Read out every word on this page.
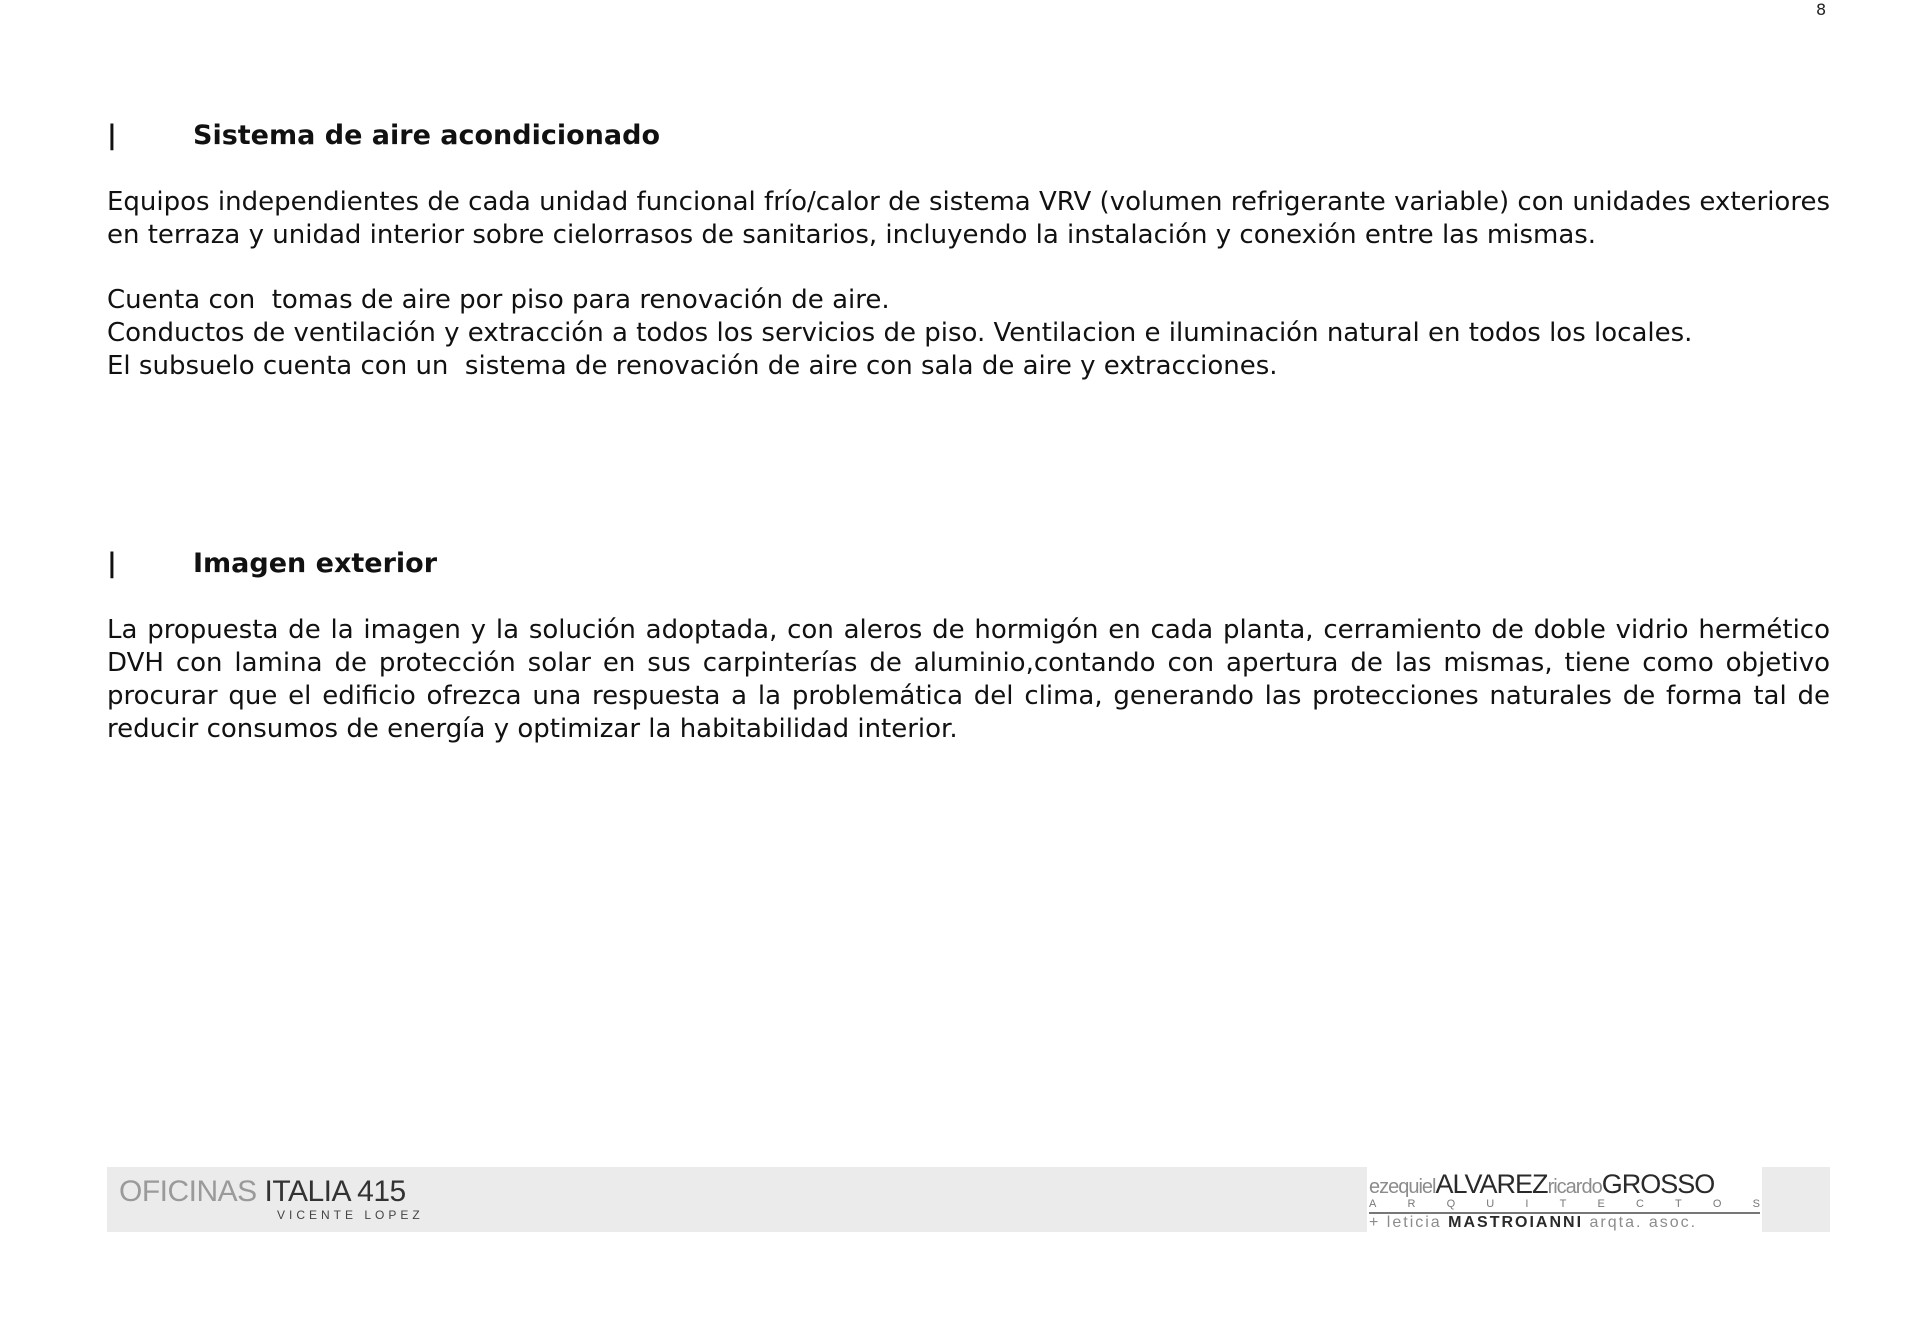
8
|	Sistema de aire acondicionado

Equipos independientes de cada unidad funcional frío/calor de sistema VRV (volumen refrigerante variable) con unidades exteriores en terraza y unidad interior sobre cielorrasos de sanitarios, incluyendo la instalación y conexión entre las mismas.

Cuenta con  tomas de aire por piso para renovación de aire.
Conductos de ventilación y extracción a todos los servicios de piso. Ventilacion e iluminación natural en todos los locales.
El subsuelo cuenta con un  sistema de renovación de aire con sala de aire y extracciones.

|	Imagen exterior

La propuesta de la imagen y la solución adoptada, con aleros de hormigón en cada planta, cerramiento de doble vidrio hermético DVH con lamina de protección solar en sus carpinterías de aluminio,contando con apertura de las mismas, tiene como objetivo procurar que el edificio ofrezca una respuesta a la problemática del clima, generando las protecciones naturales de forma tal de reducir consumos de energía y optimizar la habitabilidad interior.

OFICINAS ITALIA 415
VICENTE LOPEZ
ezequielALVAREZricardoGROSSO
A	R	Q	U	I	T	E	C	T	O	S
+ leticia MASTROIANNI arqta. asoc.
